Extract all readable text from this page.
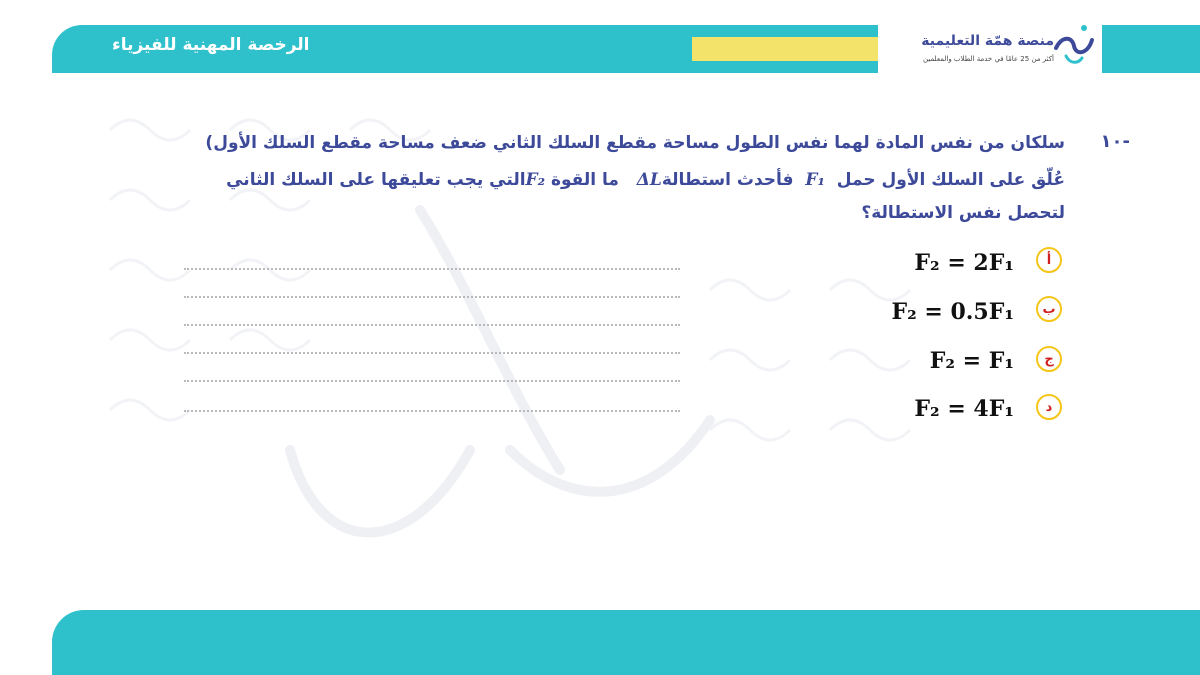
الرخصة المهنية للفيزياء	منصة همّة التعليمية
أكثر من 25 عامًا في خدمة الطلاب والمعلمين
-١٠
سلكان من نفس المادة لهما نفس الطول مساحة مقطع السلك الثاني ضعف مساحة مقطع السلك الأول)
عُلّق على السلك الأول حمل  F₁  فأحدث استطالةΔL   ما القوة F₂التي يجب تعليقها على السلك الثاني
لتحصل نفس الاستطالة؟
أ
F₂ = 2F₁
ب
F₂ = 0.5F₁
ج
F₂ = F₁
د
F₂ = 4F₁
